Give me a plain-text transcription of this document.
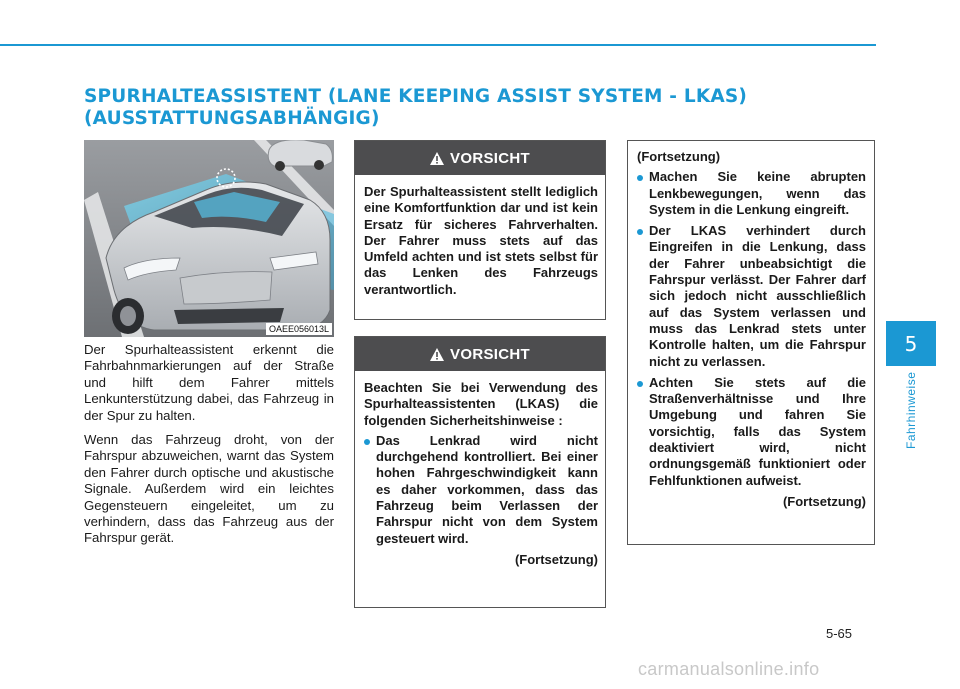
SPURHALTEASSISTENT (LANE KEEPING ASSIST SYSTEM - LKAS)
(AUSSTATTUNGSABHÄNGIG)
OAEE056013L

Der Spurhalteassistent erkennt die Fahrbahnmarkierungen auf der Straße und hilft dem Fahrer mittels Lenkunterstützung dabei, das Fahrzeug in der Spur zu halten.

Wenn das Fahrzeug droht, von der Fahrspur abzuweichen, warnt das System den Fahrer durch optische und akustische Signale. Außerdem wird ein leichtes Gegensteuern eingeleitet, um zu verhindern, dass das Fahrzeug aus der Fahrspur gerät.

VORSICHT

Der Spurhalteassistent stellt lediglich eine Komfortfunktion dar und ist kein Ersatz für sicheres Fahrverhalten. Der Fahrer muss stets auf das Umfeld achten und ist stets selbst für das Lenken des Fahrzeugs verantwortlich.

VORSICHT

Beachten Sie bei Verwendung des Spurhalteassistenten (LKAS) die folgenden Sicherheitshinweise :

Das Lenkrad wird nicht durchgehend kontrolliert. Bei einer hohen Fahrgeschwindigkeit kann es daher vorkommen, dass das Fahrzeug beim Verlassen der Fahrspur nicht von dem System gesteuert wird.
(Fortsetzung)

(Fortsetzung)

Machen Sie keine abrupten Lenkbewegungen, wenn das System in die Lenkung eingreift.
Der LKAS verhindert durch Eingreifen in die Lenkung, dass der Fahrer unbeabsichtigt die Fahrspur verlässt. Der Fahrer darf sich jedoch nicht ausschließlich auf das System verlassen und muss das Lenkrad stets unter Kontrolle halten, um die Fahrspur nicht zu verlassen.
Achten Sie stets auf die Straßenverhältnisse und Ihre Umgebung und fahren Sie vorsichtig, falls das System deaktiviert wird, nicht ordnungsgemäß funktioniert oder Fehlfunktionen aufweist.
(Fortsetzung)
5
Fahrhinweise
5-65
carmanualsonline.info
